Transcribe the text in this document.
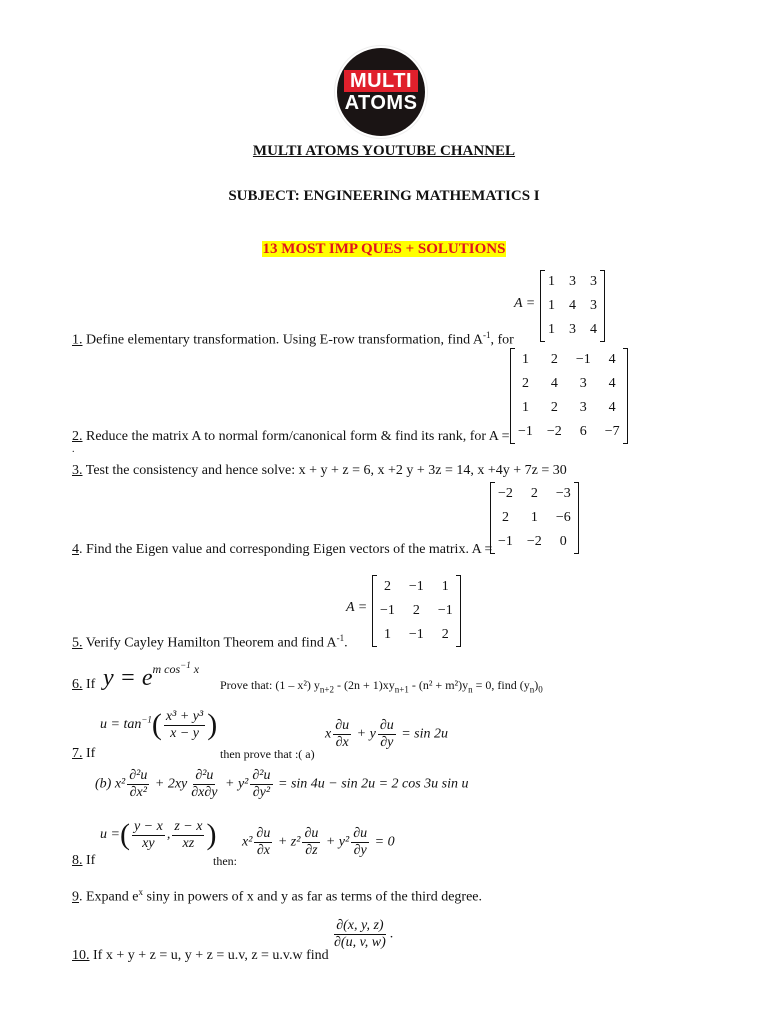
MULTI
ATOMS
MULTI ATOMS YOUTUBE CHANNEL
SUBJECT: ENGINEERING MATHEMATICS I
13 MOST IMP QUES + SOLUTIONS
A =
1	3	3
1	4	3
1	3	4
1. Define elementary transformation. Using E-row transformation, find $A^{-1}$, for
1	2	−1	4
2	4	3	4
1	2	3	4
−1	−2	6	−7
2. Reduce the matrix A to normal form/canonical form & find its rank, for A =
.
3. Test the consistency and hence solve: x + y + z = 6, x +2 y + 3z = 14, x +4y + 7z = 30
−2	2	−3
2	1	−6
−1	−2	0
4. Find the Eigen value and corresponding Eigen vectors of the matrix. A =
A =
2	−1	1
−1	2	−1
1	−1	2
5. Verify Cayley Hamilton Theorem and find $A^{-1}$.
6. If y = em $\cos^{-1} x$
Prove that: (1 – x²) $y_{n+2} - (2n + 1)xy_{n+1} - (n^2 + m^2)y_n = 0$, find $(y_n)_0$
$u = \tan^{-1}( \frac{\text{x³ + y³}}{x - y}$ )
7. If	then prove that :( a)
x $\frac{\partial u}{\partial x} + y \frac{\partial u}{\partial y} = \sin 2u$
(b) $x^2 \frac{\text{∂²u}}{\text{∂x²}} + 2xy \frac{\text{∂²u}}{\partial x\partial y} + y^2 \frac{\text{∂²u}}{\text{∂y²}} = \sin 4u - \sin 2u = 2$ cos 3u sin u
u =( $\frac{y - x}{xy}$ , $\frac{z - x}{xz}$ )
8. If	then:
$x^2 \frac{\partial u}{\partial x} + z^2 \frac{\partial u}{\partial z} + y^2 \frac{\partial u}{\partial y} = 0$
9. Expand $e^x$ siny in powers of x and y as far as terms of the third degree.
10. If x + y + z = u, y + z = u.v, z = u.v.w find
$\frac{\partial(x, y, z)}{\partial(u, v, w)}$ .
